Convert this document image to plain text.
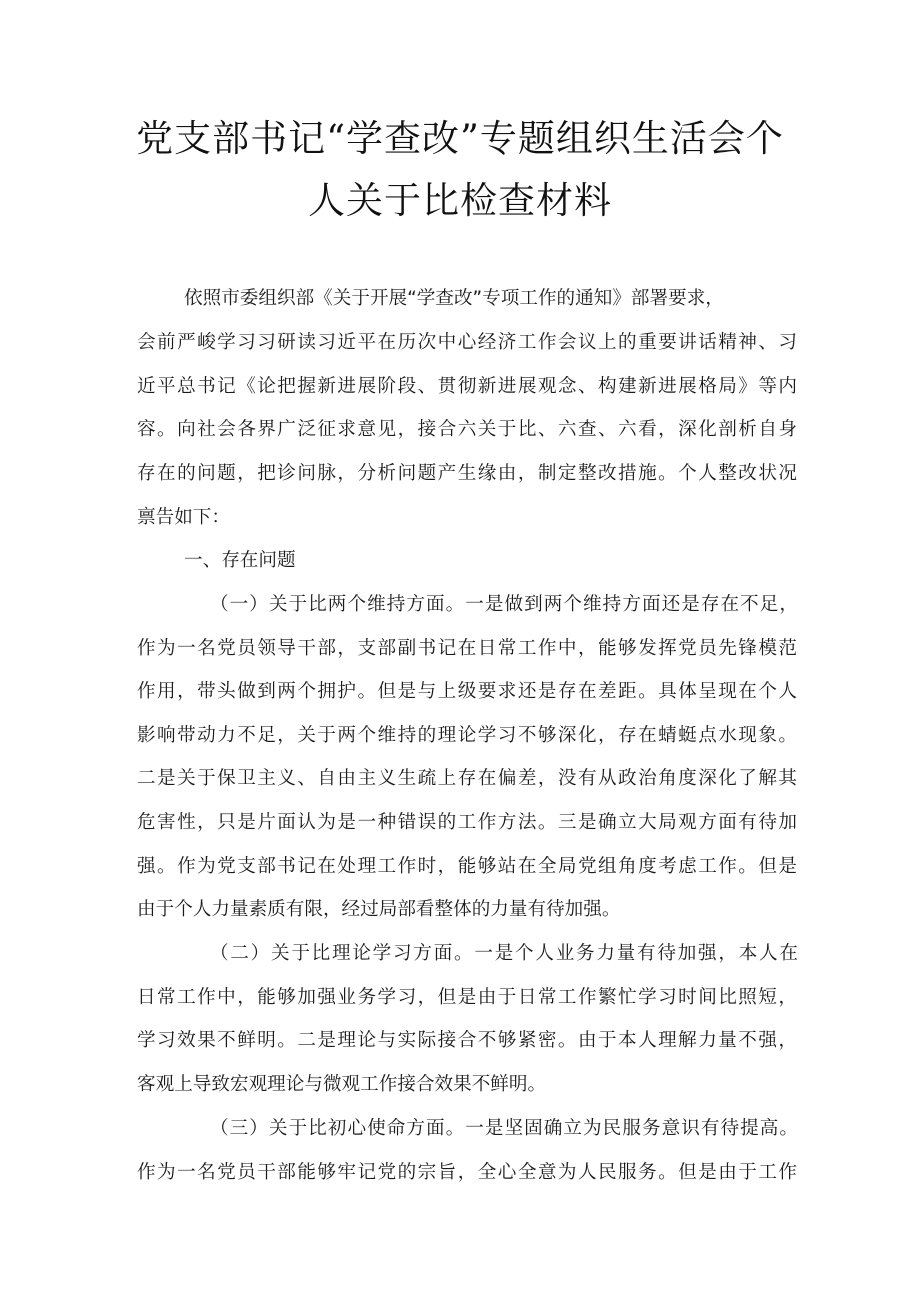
党支部书记“学查改”专题组织生活会个
人关于比检查材料
依照市委组织部《关于开展“学查改”专项工作的通知》部署要求，
会前严峻学习习研读习近平在历次中心经济工作会议上的重要讲话精神、习
近平总书记《论把握新进展阶段、贯彻新进展观念、构建新进展格局》等内
容。向社会各界广泛征求意见，接合六关于比、六查、六看，深化剖析自身
存在的问题，把诊问脉，分析问题产生缘由，制定整改措施。个人整改状况
禀告如下：
一、存在问题
（一）关于比两个维持方面。一是做到两个维持方面还是存在不足，
作为一名党员领导干部，支部副书记在日常工作中，能够发挥党员先锋模范
作用，带头做到两个拥护。但是与上级要求还是存在差距。具体呈现在个人
影响带动力不足，关于两个维持的理论学习不够深化，存在蜻蜓点水现象。
二是关于保卫主义、自由主义生疏上存在偏差，没有从政治角度深化了解其
危害性，只是片面认为是一种错误的工作方法。三是确立大局观方面有待加
强。作为党支部书记在处理工作时，能够站在全局党组角度考虑工作。但是
由于个人力量素质有限，经过局部看整体的力量有待加强。
（二）关于比理论学习方面。一是个人业务力量有待加强，本人在
日常工作中，能够加强业务学习，但是由于日常工作繁忙学习时间比照短，
学习效果不鲜明。二是理论与实际接合不够紧密。由于本人理解力量不强，
客观上导致宏观理论与微观工作接合效果不鲜明。
（三）关于比初心使命方面。一是坚固确立为民服务意识有待提高。
作为一名党员干部能够牢记党的宗旨，全心全意为人民服务。但是由于工作
